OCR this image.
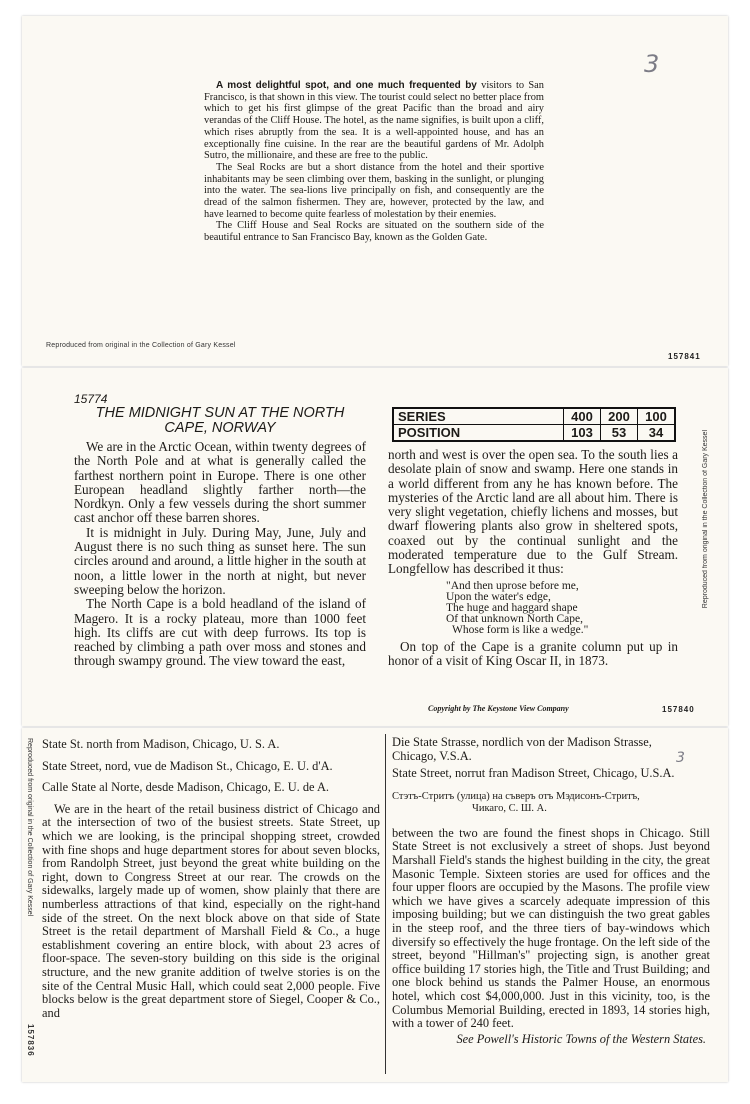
3

A most delightful spot, and one much frequented by visitors to San Francisco, is that shown in this view. The tourist could select no better place from which to get his first glimpse of the great Pacific than the broad and airy verandas of the Cliff House. The hotel, as the name signifies, is built upon a cliff, which rises abruptly from the sea. It is a well-appointed house, and has an exceptionally fine cuisine. In the rear are the beautiful gardens of Mr. Adolph Sutro, the millionaire, and these are free to the public.

The Seal Rocks are but a short distance from the hotel and their sportive inhabitants may be seen climbing over them, basking in the sunlight, or plunging into the water. The sea-lions live principally on fish, and consequently are the dread of the salmon fishermen. They are, however, protected by the law, and have learned to become quite fearless of molestation by their enemies.

The Cliff House and Seal Rocks are situated on the southern side of the beautiful entrance to San Francisco Bay, known as the Golden Gate.

Reproduced from original in the Collection of Gary Kessel
157841

15774

THE MIDNIGHT SUN AT THE NORTH

CAPE, NORWAY

We are in the Arctic Ocean, within twenty degrees of the North Pole and at what is generally called the farthest northern point in Europe. There is one other European headland slightly farther north—the Nordkyn. Only a few vessels during the short summer cast anchor off these barren shores.

It is midnight in July. During May, June, July and August there is no such thing as sunset here. The sun circles around and around, a little higher in the south at noon, a little lower in the north at night, but never sweeping below the horizon.

The North Cape is a bold headland of the island of Magero. It is a rocky plateau, more than 1000 feet high. Its cliffs are cut with deep furrows. Its top is reached by climbing a path over moss and stones and through swampy ground. The view toward the east,

SERIES	400	200	100
POSITION	103	53	34

north and west is over the open sea. To the south lies a desolate plain of snow and swamp. Here one stands in a world different from any he has known before. The mysteries of the Arctic land are all about him. There is very slight vegetation, chiefly lichens and mosses, but dwarf flowering plants also grow in sheltered spots, coaxed out by the continual sunlight and the moderated temperature due to the Gulf Stream. Longfellow has described it thus:

"And then uprose before me,
Upon the water's edge,
The huge and haggard shape
Of that unknown North Cape,
Whose form is like a wedge."

On top of the Cape is a granite column put up in honor of a visit of King Oscar II, in 1873.

Copyright by The Keystone View Company	157840
Reproduced from original in the Collection of Gary Kessel
Reproduced from original in the Collection of Gary Kessel
157836

State St. north from Madison, Chicago, U. S. A.

State Street, nord, vue de Madison St., Chicago, E. U. d'A.

Calle State al Norte, desde Madison, Chicago, E. U. de A.

We are in the heart of the retail business district of Chicago and at the intersection of two of the busiest streets. State Street, up which we are looking, is the principal shopping street, crowded with fine shops and huge department stores for about seven blocks, from Randolph Street, just beyond the great white building on the right, down to Congress Street at our rear. The crowds on the sidewalks, largely made up of women, show plainly that there are numberless attractions of that kind, especially on the right-hand side of the street. On the next block above on that side of State Street is the retail department of Marshall Field & Co., a huge establishment covering an entire block, with about 23 acres of floor-space. The seven-story building on this side is the original structure, and the new granite addition of twelve stories is on the site of the Central Music Hall, which could seat 2,000 people. Five blocks below is the great department store of Siegel, Cooper & Co., and

Die State Strasse, nordlich von der Madison Strasse,

Chicago, V.S.A.

State Street, norrut fran Madison Street, Chicago, U.S.A.

Стэтъ-Стритъ (улица) на съверъ отъ Мэдисонъ-Стритъ,
Чикаго, С. Ш. А.

between the two are found the finest shops in Chicago. Still State Street is not exclusively a street of shops. Just beyond Marshall Field's stands the highest building in the city, the great Masonic Temple. Sixteen stories are used for offices and the four upper floors are occupied by the Masons. The profile view which we have gives a scarcely adequate impression of this imposing building; but we can distinguish the two great gables in the steep roof, and the three tiers of bay-windows which diversify so effectively the huge frontage. On the left side of the street, beyond "Hillman's" projecting sign, is another great office building 17 stories high, the Title and Trust Building; and one block behind us stands the Palmer House, an enormous hotel, which cost $4,000,000. Just in this vicinity, too, is the Columbus Memorial Building, erected in 1893, 14 stories high, with a tower of 240 feet.

See Powell's Historic Towns of the Western States.

3
